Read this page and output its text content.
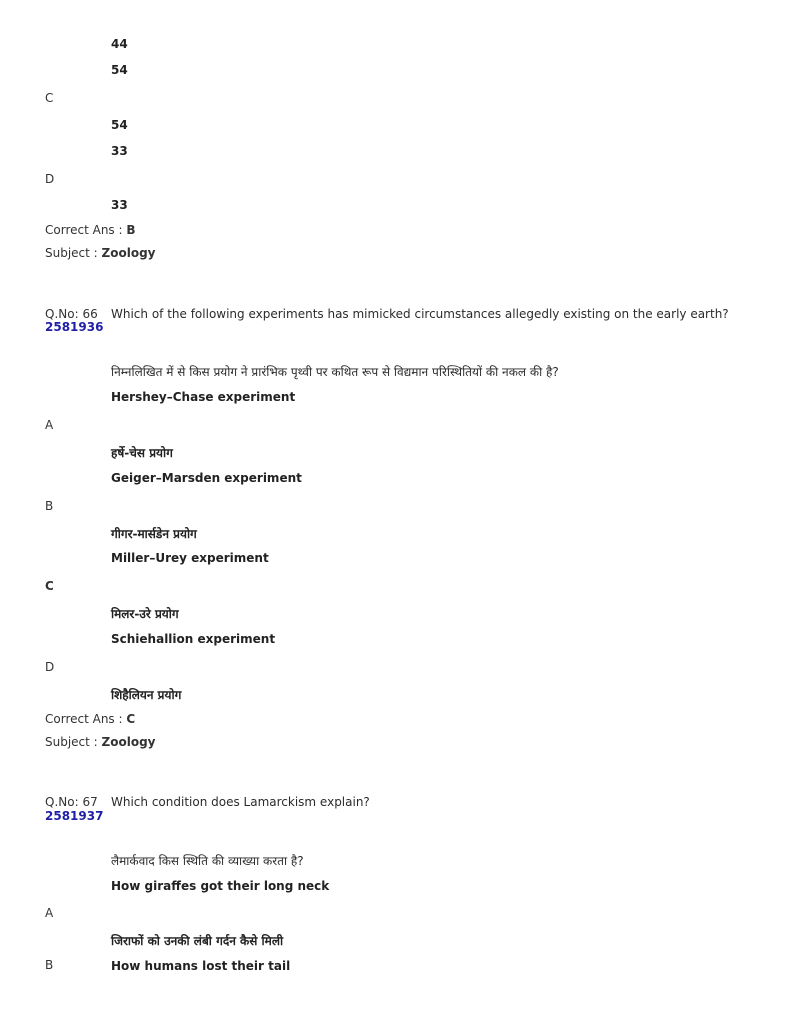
44
54
C
54
33
D
33
Correct Ans : B
Subject : Zoology
Q.No: 66 Which of the following experiments has mimicked circumstances allegedly existing on the early earth?
2581936
निम्नलिखित में से किस प्रयोग ने प्रारंभिक पृथ्वी पर कथित रूप से विद्यमान परिस्थितियों की नकल की है?
Hershey–Chase experiment
A
हर्षे-चेस प्रयोग
Geiger–Marsden experiment
B
गीगर-मार्सडेन प्रयोग
Miller–Urey experiment
C
मिलर-उरे प्रयोग
Schiehallion experiment
D
शिहैलियन प्रयोग
Correct Ans : C
Subject : Zoology
Q.No: 67 Which condition does Lamarckism explain?
2581937
लैमार्कवाद किस स्थिति की व्याख्या करता है?
How giraffes got their long neck
A
जिराफों को उनकी लंबी गर्दन कैसे मिली
B	How humans lost their tail
